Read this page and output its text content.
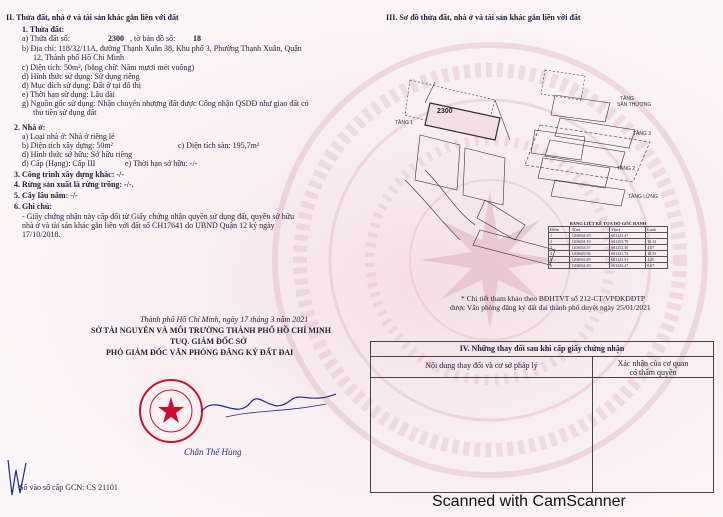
II. Thửa đất, nhà ở và tài sản khác gắn liền với đất
1. Thửa đất:
a) Thửa đất số:	2300 , tờ bản đồ số: 18
b) Địa chỉ: 118/32/11A, đường Thạnh Xuân 38, Khu phố 3, Phường Thạnh Xuân, Quận
12, Thành phố Hồ Chí Minh
c) Diện tích: 50m², (bằng chữ: Năm mươi mét vuông)
d) Hình thức sử dụng: Sử dụng riêng
đ) Mục đích sử dụng: Đất ở tại đô thị
e) Thời hạn sử dụng: Lâu dài
g) Nguồn gốc sử dụng: Nhận chuyển nhượng đất được Công nhận QSDĐ như giao đất có
thu tiền sử dụng đất
2. Nhà ở:
a) Loại nhà ở: Nhà ở riêng lẻ
b) Diện tích xây dựng: 50m²	c) Diện tích sàn: 195,7m²
d) Hình thức sở hữu: Sở hữu riêng
đ) Cấp (Hạng): Cấp III	e) Thời hạn sở hữu: -/-
3. Công trình xây dựng khác: -/-
4. Rừng sản xuất là rừng trồng: -/-.
5. Cây lâu năm: -/-
6. Ghi chú:
- Giấy chứng nhận này cấp đổi từ Giấy chứng nhận quyền sử dụng đất, quyền sở hữu
nhà ở và tài sản khác gắn liền với đất số CH17641 do UBND Quận 12 ký ngày
17/10/2018.
III. Sơ đồ thửa đất, nhà ở và tài sản khác gắn liền với đất
2300
TẦNG
SÂN THƯỢNG
TẦNG 3
TẦNG 1
TẦNG 2
TẦNG LỬNG
BẢNG LIỆT KÊ TỌA ĐỘ GÓC RANH
Điểm	X(m)	Y(m)	Cạnh
1	1204634.10	601243.47	
2	1204634.19	601253.79	10.32
3	1204633.57	601252.30	4.87
4	1204629.56	601241.72	10.33
5	1204633.29	601243.51	4.20
6	1204634.10	601243.47	0.67
* Chi tiết tham khảo theo BĐHTVT số 212-CT/VPĐKĐĐTP
được Văn phòng đăng ký đất đai thành phố duyệt ngày 25/01/2021
Thành phố Hồ Chí Minh, ngày 17 tháng 3 năm 2021
SỞ TÀI NGUYÊN VÀ MÔI TRƯỜNG THÀNH PHỐ HỒ CHÍ MINH
TUQ. GIÁM ĐỐC SỞ
PHÓ GIÁM ĐỐC VĂN PHÒNG ĐĂNG KÝ ĐẤT ĐAI
SỞ
Chân Thế Hùng
Số vào sổ cấp GCN: CS 21101
IV. Những thay đổi sau khi cấp giấy chứng nhận
Nội dung thay đổi và cơ sở pháp lý	Xác nhận của cơ quan
có thẩm quyền
Scanned with CamScanner
